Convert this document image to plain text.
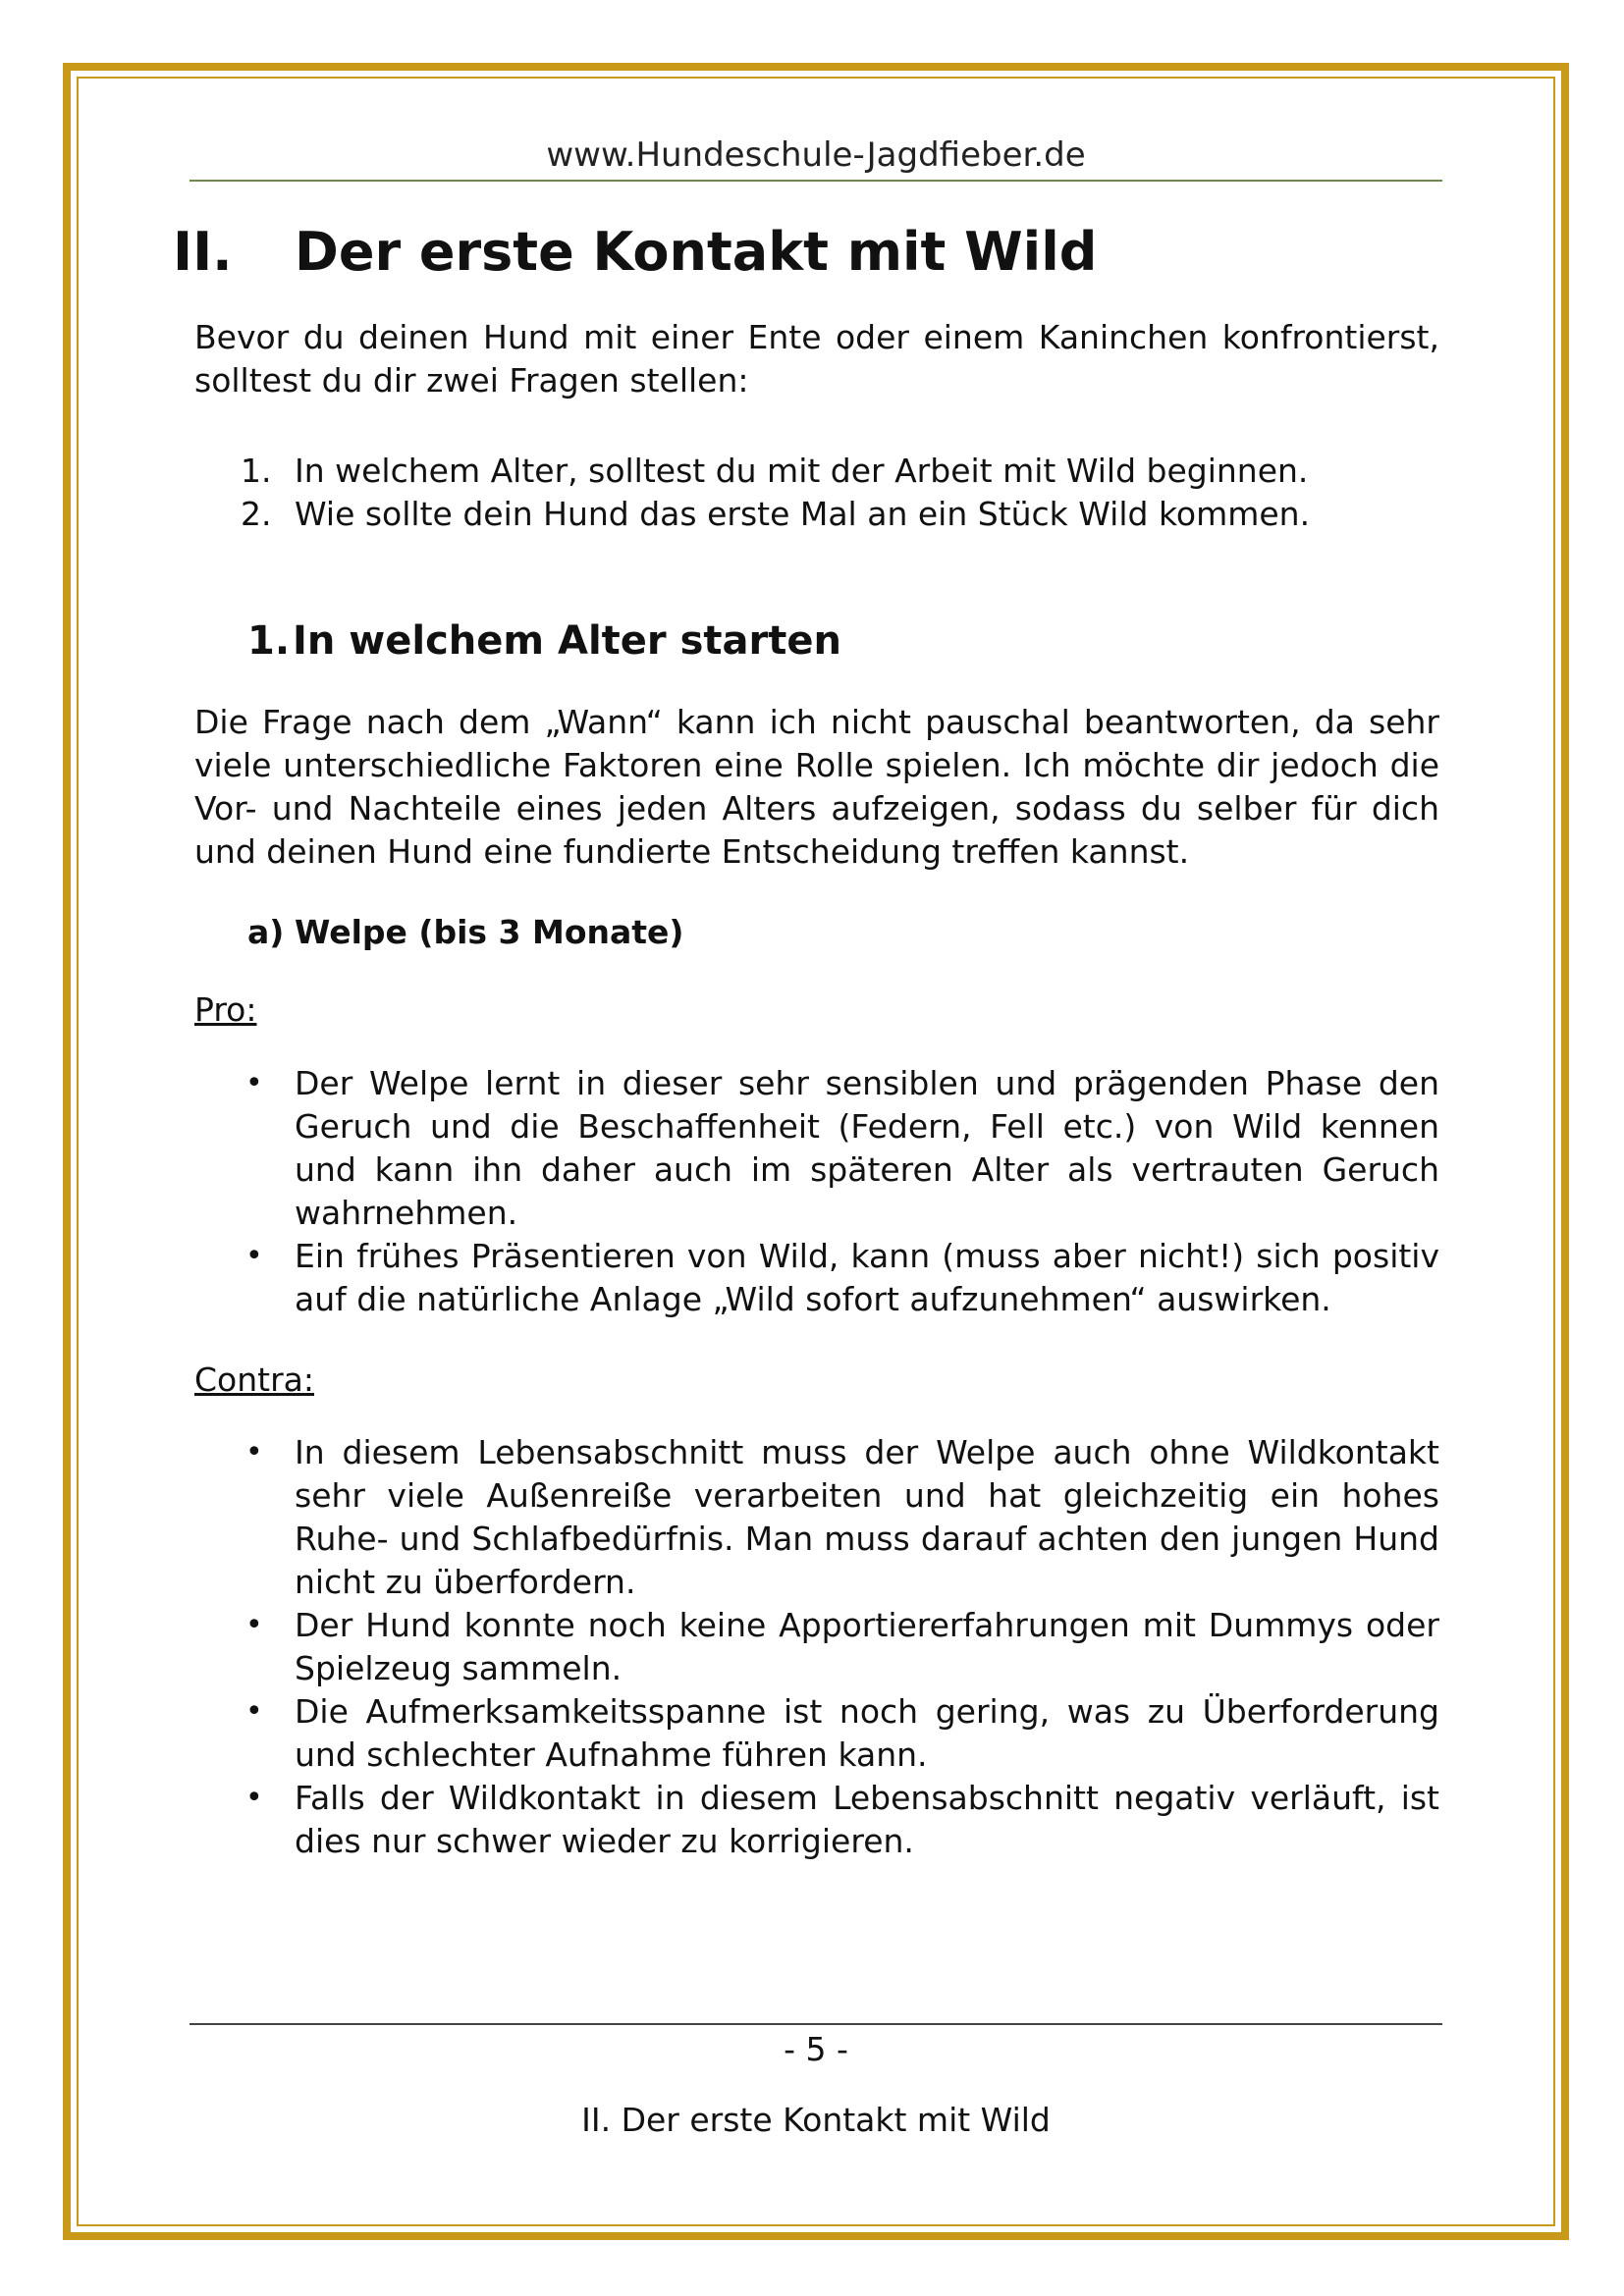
www.Hundeschule-Jagdfieber.de
II. Der erste Kontakt mit Wild

Bevor du deinen Hund mit einer Ente oder einem Kaninchen konfrontierst, solltest du dir zwei Fragen stellen:

1. In welchem Alter, solltest du mit der Arbeit mit Wild beginnen.
2. Wie sollte dein Hund das erste Mal an ein Stück Wild kommen.
1.In welchem Alter starten

Die Frage nach dem „Wann“ kann ich nicht pauschal beantworten, da sehr viele unterschiedliche Faktoren eine Rolle spielen. Ich möchte dir jedoch die Vor- und Nachteile eines jeden Alters aufzeigen, sodass du selber für dich und deinen Hund eine fundierte Entscheidung treffen kannst.

a) Welpe (bis 3 Monate)
Pro:
• Der Welpe lernt in dieser sehr sensiblen und prägenden Phase den Geruch und die Beschaffenheit (Federn, Fell etc.) von Wild kennen und kann ihn daher auch im späteren Alter als vertrauten Geruch wahrnehmen.
• Ein frühes Präsentieren von Wild, kann (muss aber nicht!) sich positiv auf die natürliche Anlage „Wild sofort aufzunehmen“ auswirken.
Contra:
• In diesem Lebensabschnitt muss der Welpe auch ohne Wildkontakt sehr viele Außenreiße verarbeiten und hat gleichzeitig ein hohes Ruhe- und Schlafbedürfnis. Man muss darauf achten den jungen Hund nicht zu überfordern.
• Der Hund konnte noch keine Apportiererfahrungen mit Dummys oder Spielzeug sammeln.
• Die Aufmerksamkeitsspanne ist noch gering, was zu Überforderung und schlechter Aufnahme führen kann.
• Falls der Wildkontakt in diesem Lebensabschnitt negativ verläuft, ist dies nur schwer wieder zu korrigieren.
- 5 -
II. Der erste Kontakt mit Wild
